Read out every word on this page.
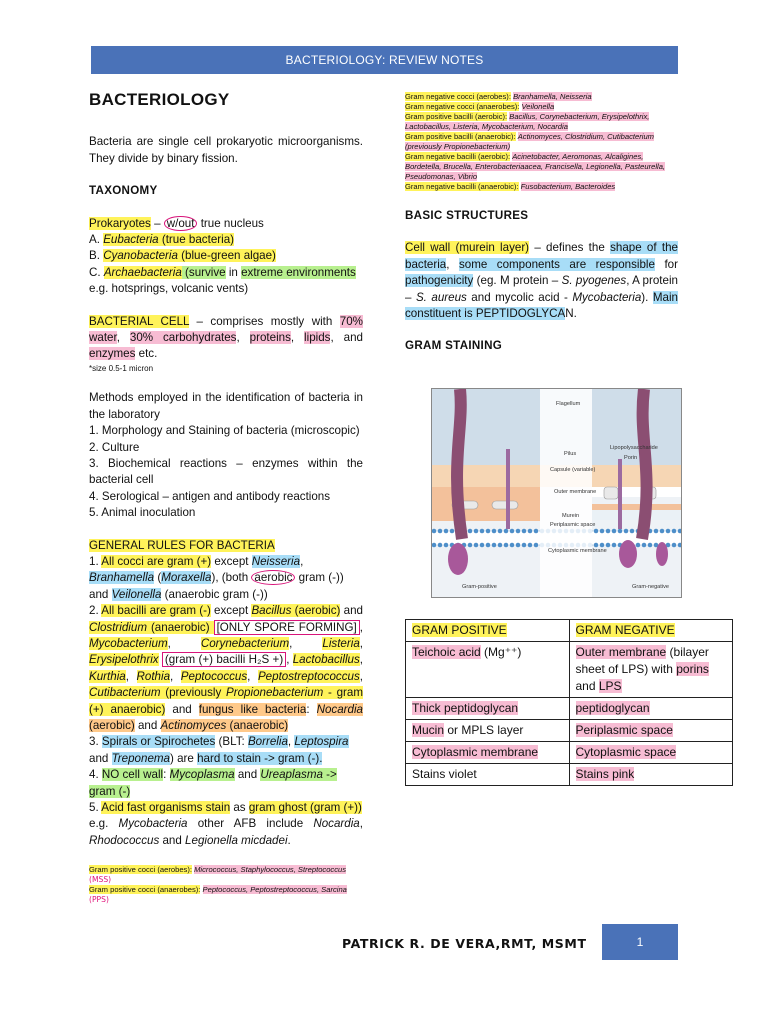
BACTERIOLOGY: REVIEW NOTES
BACTERIOLOGY

Bacteria are single cell prokaryotic microorganisms. They divide by binary fission.

TAXONOMY

Prokaryotes – w/out true nucleus

A. Eubacteria (true bacteria)

B. Cyanobacteria (blue-green algae)

C. Archaebacteria (survive in extreme environments

e.g. hotsprings, volcanic vents)

BACTERIAL CELL – comprises mostly with 70% water, 30% carbohydrates, proteins, lipids, and enzymes etc.

*size 0.5-1 micron

Methods employed in the identification of bacteria in the laboratory

1. Morphology and Staining of bacteria (microscopic)

2. Culture

3. Biochemical reactions – enzymes within the bacterial cell

4. Serological – antigen and antibody reactions

5. Animal inoculation

GENERAL RULES FOR BACTERIA

1. All cocci are gram (+) except Neisseria, Branhamella (Moraxella), (both aerobic gram (-)) and Veilonella (anaerobic gram (-))

2. All bacilli are gram (-) except Bacillus (aerobic) and Clostridium (anaerobic) [ONLY SPORE FORMING] , Mycobacterium, Corynebacterium, Listeria, Erysipelothrix (gram (+) bacilli H₂S +) , Lactobacillus, Kurthia, Rothia, Peptococcus, Peptostreptococcus, Cutibacterium (previously Propionebacterium - gram (+) anaerobic) and fungus like bacteria: Nocardia (aerobic) and Actinomyces (anaerobic)

3. Spirals or Spirochetes (BLT: Borrelia, Leptospira and Treponema) are hard to stain -> gram (-).

4. NO cell wall: Mycoplasma and Ureaplasma -> gram (-)

5. Acid fast organisms stain as gram ghost (gram (+))
e.g. Mycobacteria other AFB include Nocardia, Rhodococcus and Legionella micdadei.

Gram positive cocci (aerobes): Micrococcus, Staphylococcus, Streptococcus (MSS)

Gram positive cocci (anaerobes): Peptococcus, Peptostreptococcus, Sarcina (PPS)

Gram negative cocci (aerobes): Branhamella, Neisseria

Gram negative cocci (anaerobes): Veilonella

Gram positive bacilli (aerobic): Bacillus, Corynebacterium, Erysipelothrix, Lactobacillus, Listeria, Mycobacterium, Nocardia

Gram positive bacilli (anaerobic): Actinomyces, Clostridium, Cutibacterium (previously Propionebacterium)

Gram negative bacilli (aerobic): Acinetobacter, Aeromonas, Alcaligines, Bordetella, Brucella, Enterobacteriaacea, Francisella, Legionella, Pasteurella, Pseudomonas, Vibrio

Gram negative bacilli (anaerobic): Fusobacterium, Bacteroides

BASIC STRUCTURES

Cell wall (murein layer) – defines the shape of the bacteria, some components are responsible for pathogenicity (eg. M protein – S. pyogenes, A protein – S. aureus and mycolic acid - Mycobacteria). Main constituent is PEPTIDOGLYCAN.

GRAM STAINING
Flagellum
Pilus
Capsule (variable)
Outer membrane
Murein
Periplasmic space
Cytoplasmic membrane
Lipopolysaccharide
Porin
Gram-positive	Gram-negative
GRAM POSITIVE	GRAM NEGATIVE
Teichoic acid (Mg⁺⁺)	Outer membrane (bilayer sheet of LPS) with porins and LPS
Thick peptidoglycan	peptidoglycan
Mucin or MPLS layer	Periplasmic space
Cytoplasmic membrane	Cytoplasmic space
Stains violet	Stains pink
PATRICK R. DE VERA,RMT, MSMT	1
